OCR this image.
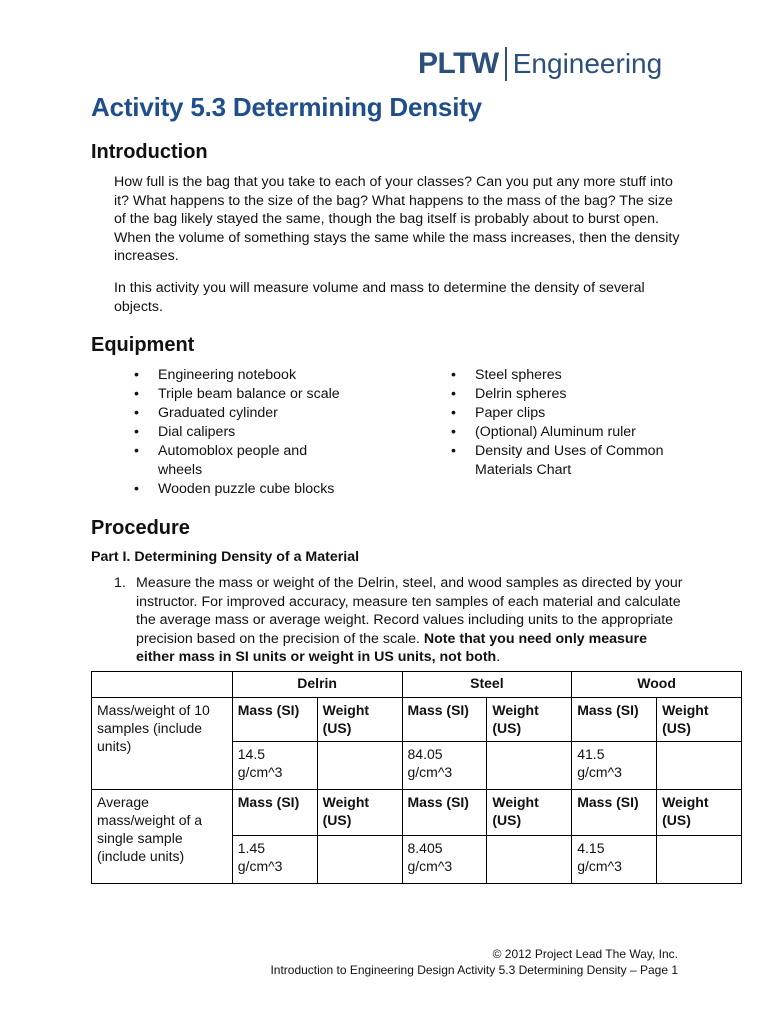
PLTW Engineering
Activity 5.3 Determining Density
Introduction

How full is the bag that you take to each of your classes? Can you put any more stuff into it? What happens to the size of the bag? What happens to the mass of the bag? The size of the bag likely stayed the same, though the bag itself is probably about to burst open. When the volume of something stays the same while the mass increases, then the density increases.

In this activity you will measure volume and mass to determine the density of several objects.

Equipment
• Engineering notebook
• Triple beam balance or scale
• Graduated cylinder
• Dial calipers
• Automoblox people and wheels
• Wooden puzzle cube blocks
• Steel spheres
• Delrin spheres
• Paper clips
• (Optional) Aluminum ruler
• Density and Uses of Common Materials Chart
Procedure
Part I. Determining Density of a Material
1. Measure the mass or weight of the Delrin, steel, and wood samples as directed by your instructor. For improved accuracy, measure ten samples of each material and calculate the average mass or average weight. Record values including units to the appropriate precision based on the precision of the scale. Note that you need only measure either mass in SI units or weight in US units, not both.
	Delrin		Steel		Wood	
Mass/weight of 10 samples (include units)	Mass (SI)	Weight (US)	Mass (SI)	Weight (US)	Mass (SI)	Weight (US)
	14.5 g/cm^3		84.05 g/cm^3		41.5 g/cm^3	
Average mass/weight of a single sample (include units)	Mass (SI)	Weight (US)	Mass (SI)	Weight (US)	Mass (SI)	Weight (US)
	1.45 g/cm^3		8.405 g/cm^3		4.15 g/cm^3	
© 2012 Project Lead The Way, Inc.
Introduction to Engineering Design Activity 5.3 Determining Density – Page 1
